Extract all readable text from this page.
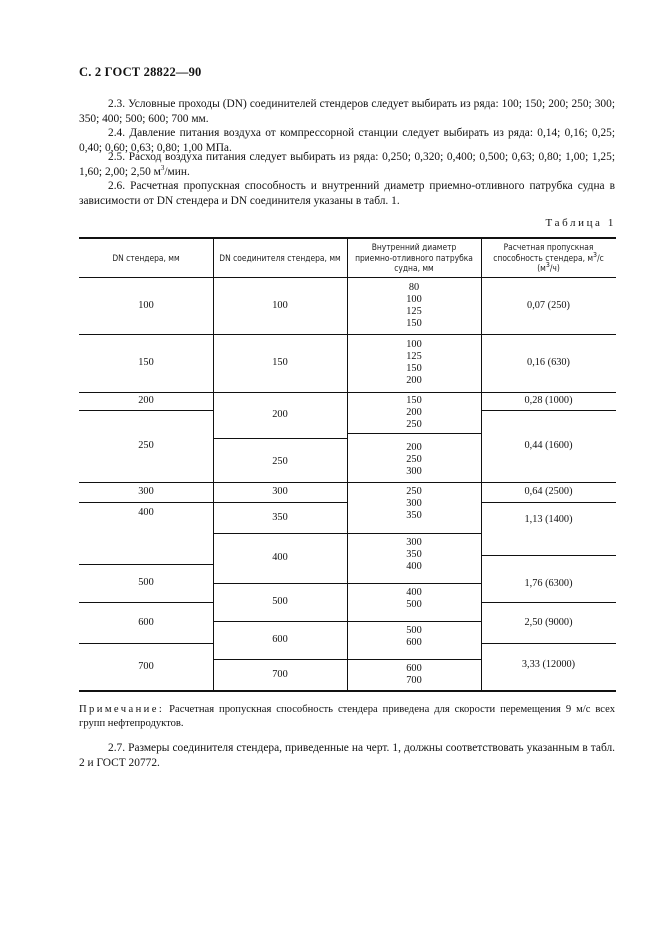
С. 2 ГОСТ 28822—90
2.3. Условные проходы (DN) соединителей стендеров следует выбирать из ряда: 100; 150; 200; 250; 300; 350; 400; 500; 600; 700 мм.
2.4. Давление питания воздуха от компрессорной станции следует выбирать из ряда: 0,14; 0,16; 0,25; 0,40; 0,60; 0,63; 0,80; 1,00 МПа.
2.5. Расход воздуха питания следует выбирать из ряда: 0,250; 0,320; 0,400; 0,500; 0,63; 0,80; 1,00; 1,25; 1,60; 2,00; 2,50 $м^3$/мин.
2.6. Расчетная пропускная способность и внутренний диаметр приемно-отливного патрубка судна в зависимости от DN стендера и DN соединителя указаны в табл. 1.
Таблица 1
DN стендера, мм	DN соединителя стендера, мм
Внутренний диаметр приемно-отливного патрубка судна, мм
Расчетная пропускная способность стендера, $м^3/с$ $(м^3/ч)$
100
150
200
250
300
400
500
600
700
100
150
200
250
300
350
400
500
600
700
80
100
125
150
100
125
150
200
150
200
250
200
250
300
250
300
350
300
350
400
400
500
500
600
600
700
0,07 (250)
0,16 (630)
0,28 (1000)
0,44 (1600)
0,64 (2500)
1,13 (1400)
1,76 (6300)
2,50 (9000)
3,33 (12000)
Примечание: Расчетная пропускная способность стендера приведена для скорости перемещения 9 м/с всех групп нефтепродуктов.
2.7. Размеры соединителя стендера, приведенные на черт. 1, должны соответствовать указанным в табл. 2 и ГОСТ 20772.
